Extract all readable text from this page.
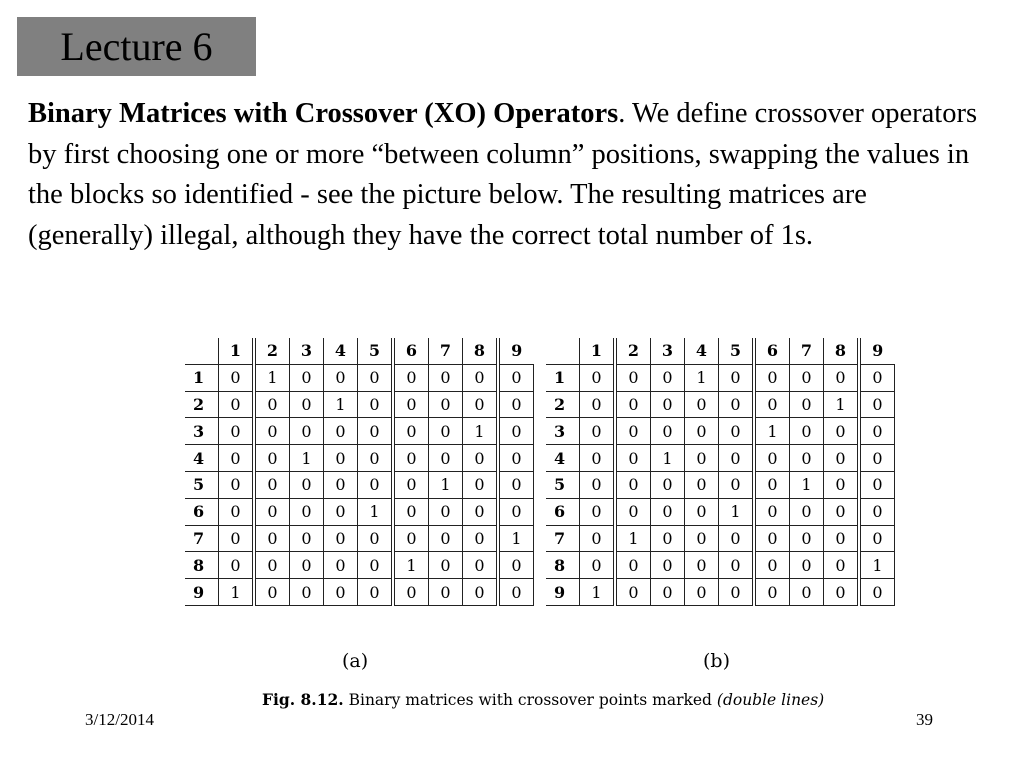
Lecture 6
Binary Matrices with Crossover (XO) Operators. We define crossover operators by first choosing one or more “between column” positions, swapping the values in the blocks so identified - see the picture below. The resulting matrices are (generally) illegal, although they have the correct total number of 1s.
	1	2	3	4	5	6	7	8	9
1	0	1	0	0	0	0	0	0	0
2	0	0	0	1	0	0	0	0	0
3	0	0	0	0	0	0	0	1	0
4	0	0	1	0	0	0	0	0	0
5	0	0	0	0	0	0	1	0	0
6	0	0	0	0	1	0	0	0	0
7	0	0	0	0	0	0	0	0	1
8	0	0	0	0	0	1	0	0	0
9	1	0	0	0	0	0	0	0	0
	1	2	3	4	5	6	7	8	9
1	0	0	0	1	0	0	0	0	0
2	0	0	0	0	0	0	0	1	0
3	0	0	0	0	0	1	0	0	0
4	0	0	1	0	0	0	0	0	0
5	0	0	0	0	0	0	1	0	0
6	0	0	0	0	1	0	0	0	0
7	0	1	0	0	0	0	0	0	0
8	0	0	0	0	0	0	0	0	1
9	1	0	0	0	0	0	0	0	0
(a)	(b)
Fig. 8.12. Binary matrices with crossover points marked (double lines)
3/12/2014	39
